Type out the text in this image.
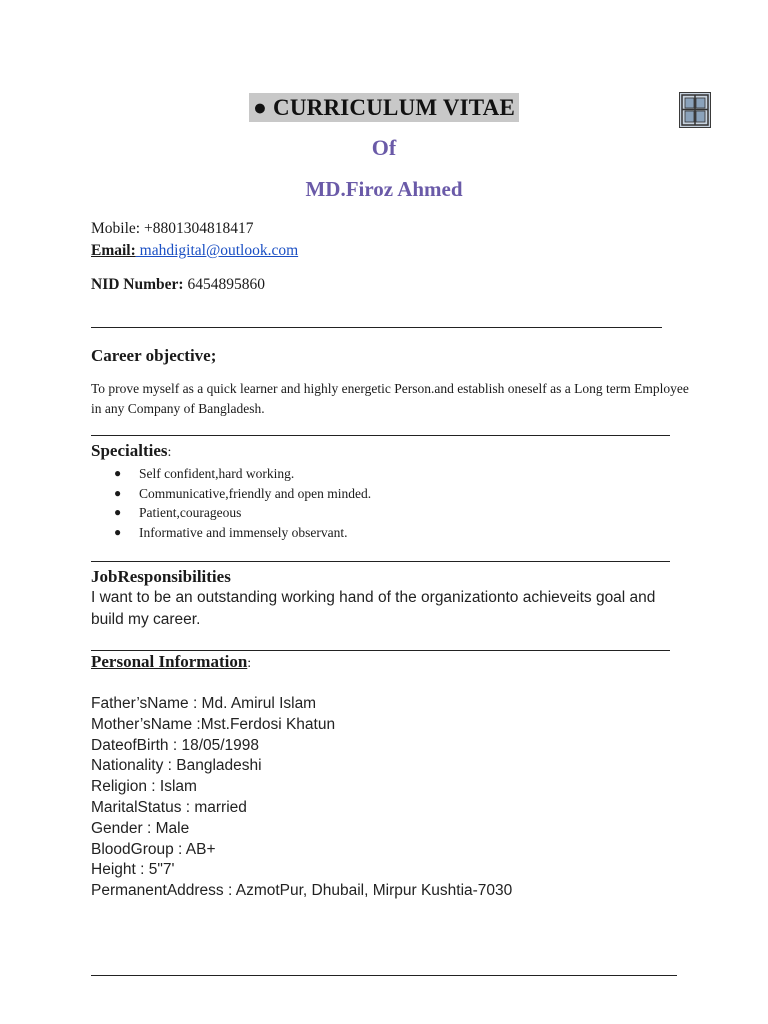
● CURRICULUM VITAE
Of
MD.Firoz Ahmed
Mobile: +8801304818417
Email: mahdigital@outlook.com
NID Number: 6454895860
Career objective;
To prove myself as a quick learner and highly energetic Person.and establish oneself as a Long term Employee in any Company of Bangladesh.
Specialties:
● Self confident,hard working.
● Communicative,friendly and open minded.
● Patient,courageous
● Informative and immensely observant.
JobResponsibilities
I want to be an outstanding working hand of the organizationto achieveits goal and build my career.
Personal Information:
Father’sName : Md. Amirul Islam
Mother’sName :Mst.Ferdosi Khatun
DateofBirth : 18/05/1998
Nationality : Bangladeshi
Religion : Islam
MaritalStatus : married
Gender : Male
BloodGroup : AB+
Height : 5"7'
PermanentAddress : AzmotPur, Dhubail, Mirpur Kushtia-7030
